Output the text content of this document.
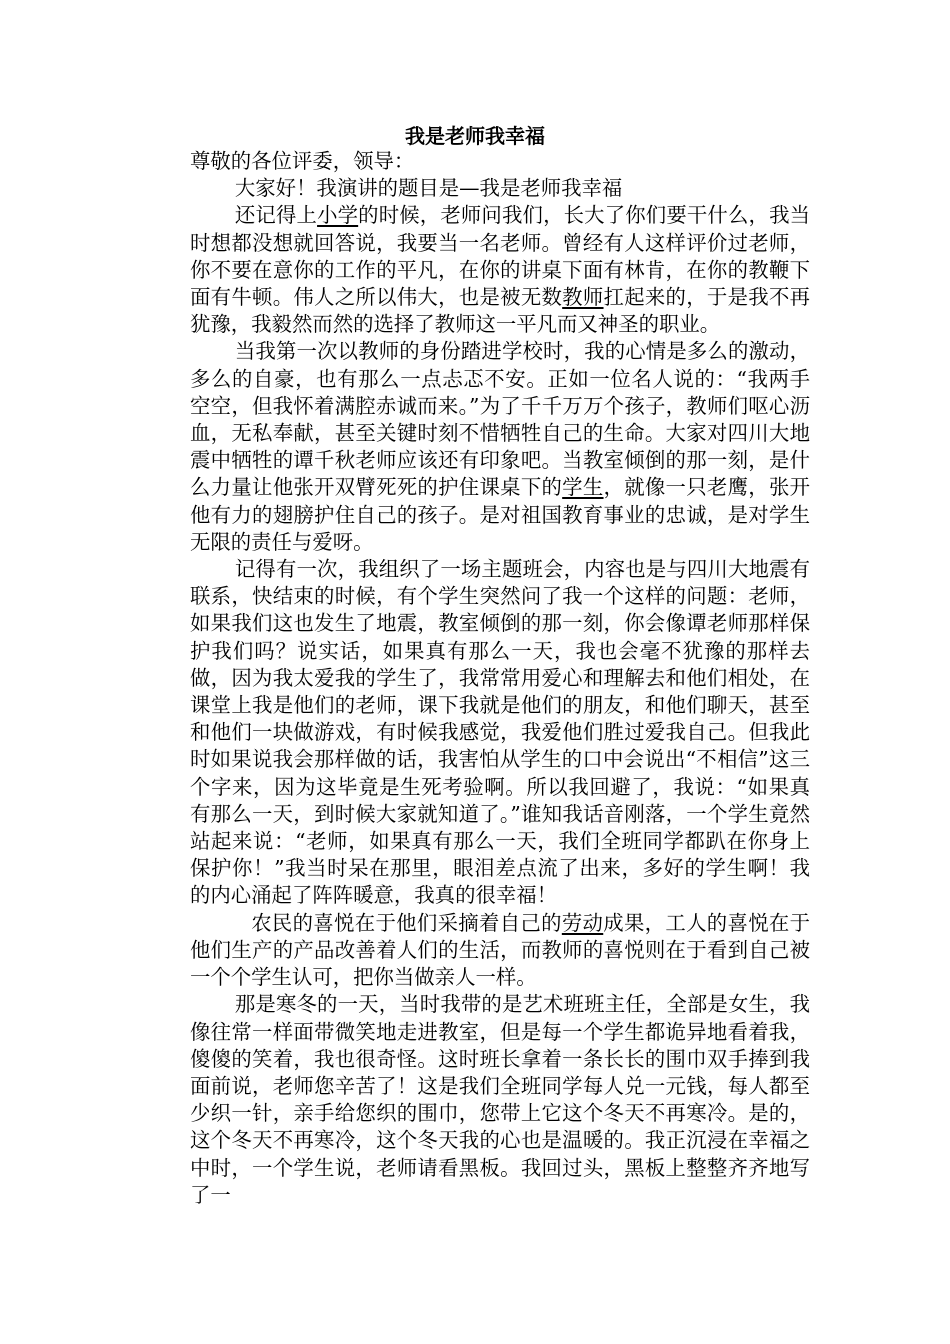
我是老师我幸福

尊敬的各位评委，领导：

大家好！我演讲的题目是—我是老师我幸福

还记得上小学的时候，老师问我们，长大了你们要干什么，我当时想都没想就回答说，我要当一名老师。曾经有人这样评价过老师，你不要在意你的工作的平凡，在你的讲桌下面有林肯，在你的教鞭下面有牛顿。伟人之所以伟大，也是被无数教师扛起来的，于是我不再犹豫，我毅然而然的选择了教师这一平凡而又神圣的职业。

当我第一次以教师的身份踏进学校时，我的心情是多么的激动，多么的自豪，也有那么一点忐忑不安。正如一位名人说的：“我两手空空，但我怀着满腔赤诚而来。”为了千千万万个孩子，教师们呕心沥血，无私奉献，甚至关键时刻不惜牺牲自己的生命。大家对四川大地震中牺牲的谭千秋老师应该还有印象吧。当教室倾倒的那一刻，是什么力量让他张开双臂死死的护住课桌下的学生，就像一只老鹰，张开他有力的翅膀护住自己的孩子。是对祖国教育事业的忠诚，是对学生无限的责任与爱呀。

记得有一次，我组织了一场主题班会，内容也是与四川大地震有联系，快结束的时候，有个学生突然问了我一个这样的问题：老师，如果我们这也发生了地震，教室倾倒的那一刻，你会像谭老师那样保护我们吗？说实话，如果真有那么一天，我也会毫不犹豫的那样去做，因为我太爱我的学生了，我常常用爱心和理解去和他们相处，在课堂上我是他们的老师，课下我就是他们的朋友，和他们聊天，甚至和他们一块做游戏，有时候我感觉，我爱他们胜过爱我自己。但我此时如果说我会那样做的话，我害怕从学生的口中会说出“不相信”这三个字来，因为这毕竟是生死考验啊。所以我回避了，我说：“如果真有那么一天，到时候大家就知道了。”谁知我话音刚落，一个学生竟然站起来说：“老师，如果真有那么一天，我们全班同学都趴在你身上保护你！”我当时呆在那里，眼泪差点流了出来，多好的学生啊！我的内心涌起了阵阵暖意，我真的很幸福！

农民的喜悦在于他们采摘着自己的劳动成果，工人的喜悦在于他们生产的产品改善着人们的生活，而教师的喜悦则在于看到自己被一个个学生认可，把你当做亲人一样。

那是寒冬的一天，当时我带的是艺术班班主任，全部是女生，我像往常一样面带微笑地走进教室，但是每一个学生都诡异地看着我，傻傻的笑着，我也很奇怪。这时班长拿着一条长长的围巾双手捧到我面前说，老师您辛苦了！这是我们全班同学每人兑一元钱，每人都至少织一针，亲手给您织的围巾，您带上它这个冬天不再寒冷。是的，这个冬天不再寒冷，这个冬天我的心也是温暖的。我正沉浸在幸福之中时，一个学生说，老师请看黑板。我回过头，黑板上整整齐齐地写了一
